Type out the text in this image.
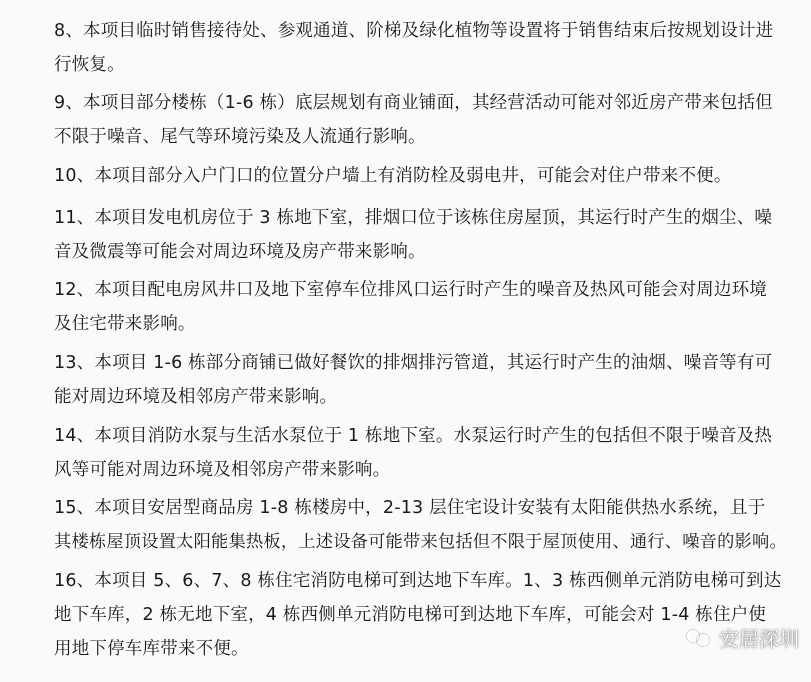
8、本项目临时销售接待处、参观通道、阶梯及绿化植物等设置将于销售结束后按规划设计进
行恢复。
9、本项目部分楼栋（1-6 栋）底层规划有商业铺面，其经营活动可能对邻近房产带来包括但
不限于噪音、尾气等环境污染及人流通行影响。
10、本项目部分入户门口的位置分户墙上有消防栓及弱电井，可能会对住户带来不便。
11、本项目发电机房位于 3 栋地下室，排烟口位于该栋住房屋顶，其运行时产生的烟尘、噪
音及微震等可能会对周边环境及房产带来影响。
12、本项目配电房风井口及地下室停车位排风口运行时产生的噪音及热风可能会对周边环境
及住宅带来影响。
13、本项目 1-6 栋部分商铺已做好餐饮的排烟排污管道，其运行时产生的油烟、噪音等有可
能对周边环境及相邻房产带来影响。
14、本项目消防水泵与生活水泵位于 1 栋地下室。水泵运行时产生的包括但不限于噪音及热
风等可能对周边环境及相邻房产带来影响。
15、本项目安居型商品房 1-8 栋楼房中，2-13 层住宅设计安装有太阳能供热水系统，且于
其楼栋屋顶设置太阳能集热板，上述设备可能带来包括但不限于屋顶使用、通行、噪音的影响。
16、本项目 5、6、7、8 栋住宅消防电梯可到达地下车库。1、3 栋西侧单元消防电梯可到达
地下车库，2 栋无地下室，4 栋西侧单元消防电梯可到达地下车库，可能会对 1-4 栋住户使
用地下停车库带来不便。	安居深圳
